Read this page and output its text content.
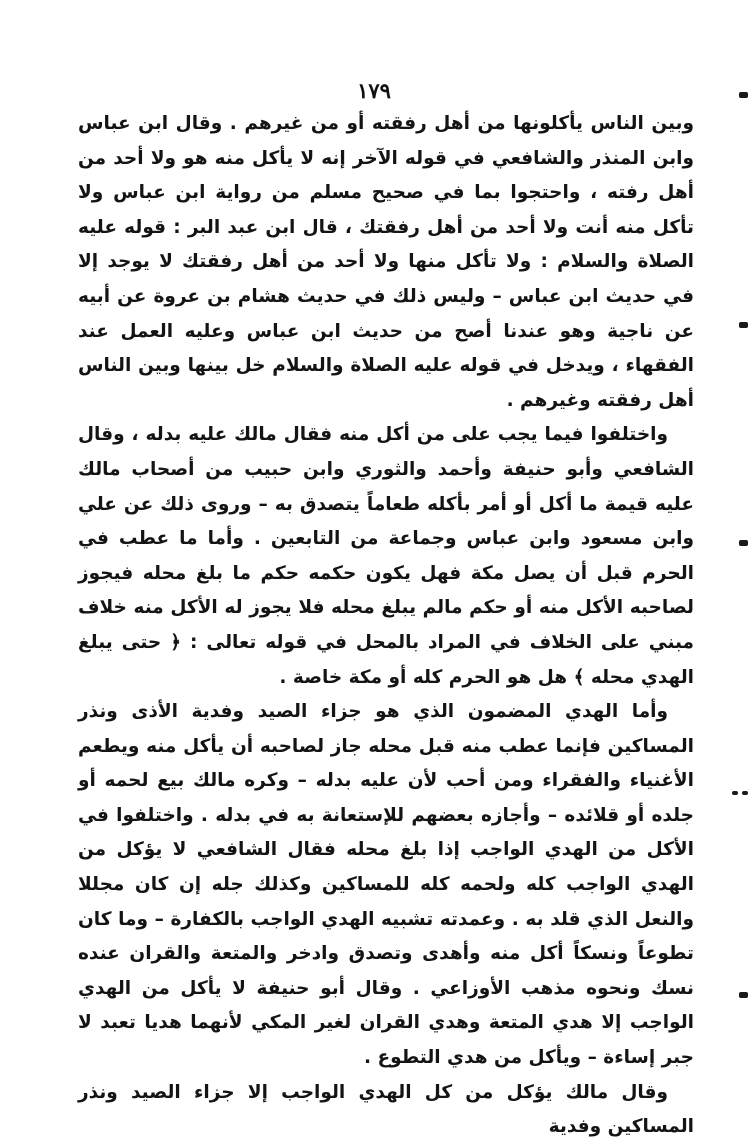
١٧٩

وبين الناس يأكلونها من أهل رفقته أو من غيرهم . وقال ابن عباس وابن المنذر والشافعي في قوله الآخر إنه لا يأكل منه هو ولا أحد من أهل رفته ، واحتجوا بما في صحيح مسلم من رواية ابن عباس ولا تأكل منه أنت ولا أحد من أهل رفقتك ، قال ابن عبد البر : قوله عليه الصلاة والسلام : ولا تأكل منها ولا أحد من أهل رفقتك لا يوجد إلا في حديث ابن عباس – وليس ذلك في حديث هشام بن عروة عن أبيه عن ناجية وهو عندنا أصح من حديث ابن عباس وعليه العمل عند الفقهاء ، ويدخل في قوله عليه الصلاة والسلام خل بينها وبين الناس أهل رفقته وغيرهم .

واختلفوا فيما يجب على من أكل منه فقال مالك عليه بدله ، وقال الشافعي وأبو حنيفة وأحمد والثوري وابن حبيب من أصحاب مالك عليه قيمة ما أكل أو أمر بأكله طعاماً يتصدق به – وروى ذلك عن علي وابن مسعود وابن عباس وجماعة من التابعين . وأما ما عطب في الحرم قبل أن يصل مكة فهل يكون حكمه حكم ما بلغ محله فيجوز لصاحبه الأكل منه أو حكم مالم يبلغ محله فلا يجوز له الأكل منه خلاف مبني على الخلاف في المراد بالمحل في قوله تعالى : ﴿ حتى يبلغ الهدي محله ﴾ هل هو الحرم كله أو مكة خاصة .

وأما الهدي المضمون الذي هو جزاء الصيد وفدية الأذى ونذر المساكين فإنما عطب منه قبل محله جاز لصاحبه أن يأكل منه ويطعم الأغنياء والفقراء ومن أحب لأن عليه بدله – وكره مالك بيع لحمه أو جلده أو قلائده – وأجازه بعضهم للإستعانة به في بدله . واختلفوا في الأكل من الهدي الواجب إذا بلغ محله فقال الشافعي لا يؤكل من الهدي الواجب كله ولحمه كله للمساكين وكذلك جله إن كان مجللا والنعل الذي قلد به . وعمدته تشبيه الهدي الواجب بالكفارة – وما كان تطوعاً ونسكاً أكل منه وأهدى وتصدق وادخر والمتعة والقران عنده نسك ونحوه مذهب الأوزاعي . وقال أبو حنيفة لا يأكل من الهدي الواجب إلا هدي المتعة وهدي القران لغير المكي لأنهما هديا تعبد لا جبر إساءة – ويأكل من هدي التطوع .

وقال مالك يؤكل من كل الهدي الواجب إلا جزاء الصيد ونذر المساكين وفدية
